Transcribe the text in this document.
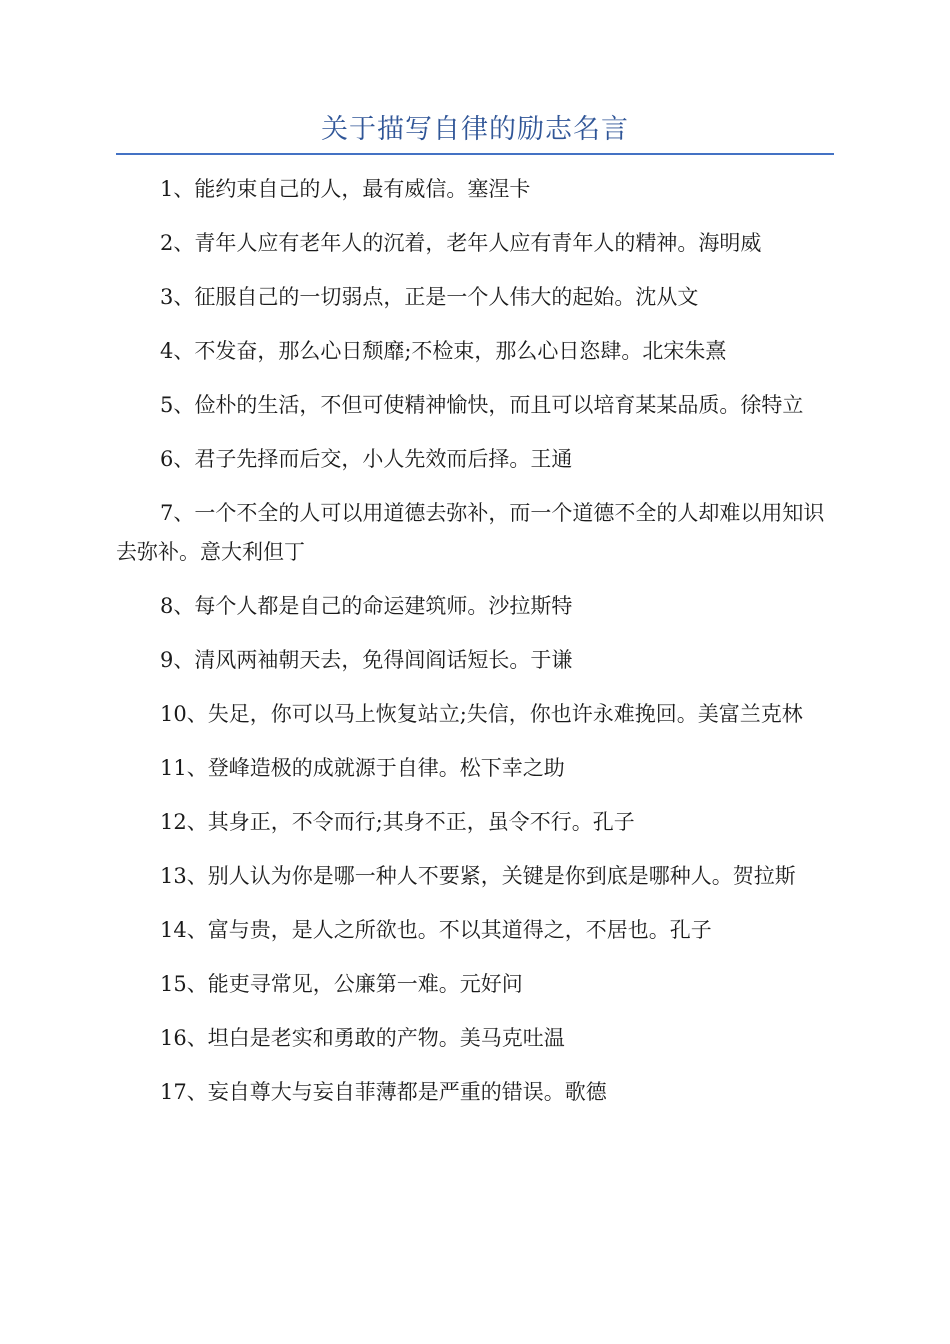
关于描写自律的励志名言

1、能约束自己的人，最有威信。塞涅卡

2、青年人应有老年人的沉着，老年人应有青年人的精神。海明威

3、征服自己的一切弱点，正是一个人伟大的起始。沈从文

4、不发奋，那么心日颓靡;不检束，那么心日恣肆。北宋朱熹

5、俭朴的生活，不但可使精神愉快，而且可以培育某某品质。徐特立

6、君子先择而后交，小人先效而后择。王通

7、一个不全的人可以用道德去弥补，而一个道德不全的人却难以用知识去弥补。意大利但丁

8、每个人都是自己的命运建筑师。沙拉斯特

9、清风两袖朝天去，免得闾阎话短长。于谦

10、失足，你可以马上恢复站立;失信，你也许永难挽回。美富兰克林

11、登峰造极的成就源于自律。松下幸之助

12、其身正，不令而行;其身不正，虽令不行。孔子

13、别人认为你是哪一种人不要紧，关键是你到底是哪种人。贺拉斯

14、富与贵，是人之所欲也。不以其道得之，不居也。孔子

15、能吏寻常见，公廉第一难。元好问

16、坦白是老实和勇敢的产物。美马克吐温

17、妄自尊大与妄自菲薄都是严重的错误。歌德
